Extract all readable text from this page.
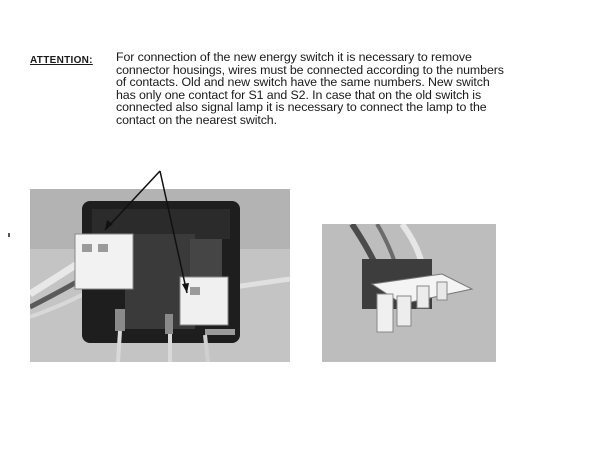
ATTENTION: For connection of the new energy switch it is necessary to remove
connector housings, wires must be connected according to the numbers
of contacts. Old and new switch have the same numbers. New switch
has only one contact for S1 and S2. In case that on the old switch is
connected also signal lamp it is necessary to connect the lamp to the
contact on the nearest switch.
